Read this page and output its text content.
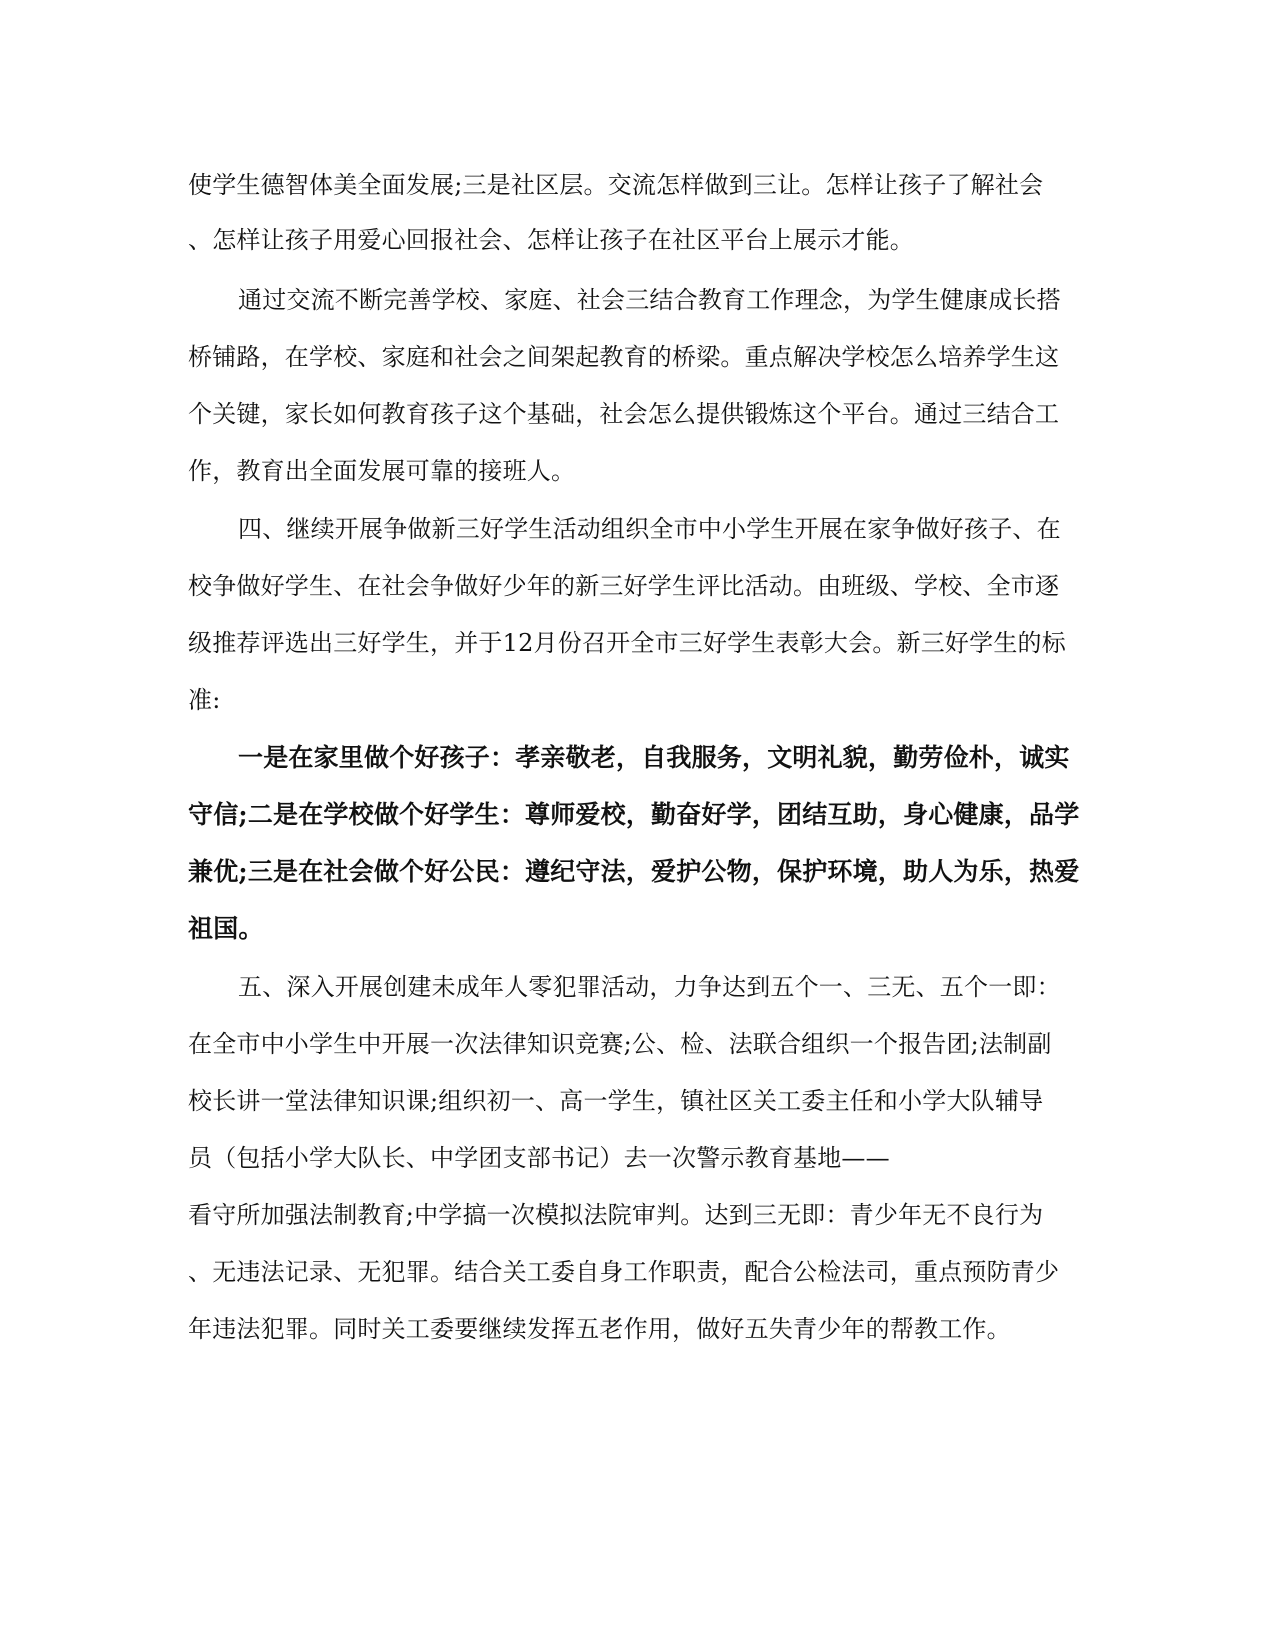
使学生德智体美全面发展;三是社区层。交流怎样做到三让。怎样让孩子了解社会
、怎样让孩子用爱心回报社会、怎样让孩子在社区平台上展示才能。
通过交流不断完善学校、家庭、社会三结合教育工作理念，为学生健康成长搭
桥铺路，在学校、家庭和社会之间架起教育的桥梁。重点解决学校怎么培养学生这
个关键，家长如何教育孩子这个基础，社会怎么提供锻炼这个平台。通过三结合工
作，教育出全面发展可靠的接班人。
四、继续开展争做新三好学生活动组织全市中小学生开展在家争做好孩子、在
校争做好学生、在社会争做好少年的新三好学生评比活动。由班级、学校、全市逐
级推荐评选出三好学生，并于12月份召开全市三好学生表彰大会。新三好学生的标
准:
一是在家里做个好孩子：孝亲敬老，自我服务，文明礼貌，勤劳俭朴，诚实
守信;二是在学校做个好学生：尊师爱校，勤奋好学，团结互助，身心健康，品学
兼优;三是在社会做个好公民：遵纪守法，爱护公物，保护环境，助人为乐，热爱
祖国。
五、深入开展创建未成年人零犯罪活动，力争达到五个一、三无、五个一即：
在全市中小学生中开展一次法律知识竞赛;公、检、法联合组织一个报告团;法制副
校长讲一堂法律知识课;组织初一、高一学生，镇社区关工委主任和小学大队辅导
员（包括小学大队长、中学团支部书记）去一次警示教育基地——
看守所加强法制教育;中学搞一次模拟法院审判。达到三无即：青少年无不良行为
、无违法记录、无犯罪。结合关工委自身工作职责，配合公检法司，重点预防青少
年违法犯罪。同时关工委要继续发挥五老作用，做好五失青少年的帮教工作。
